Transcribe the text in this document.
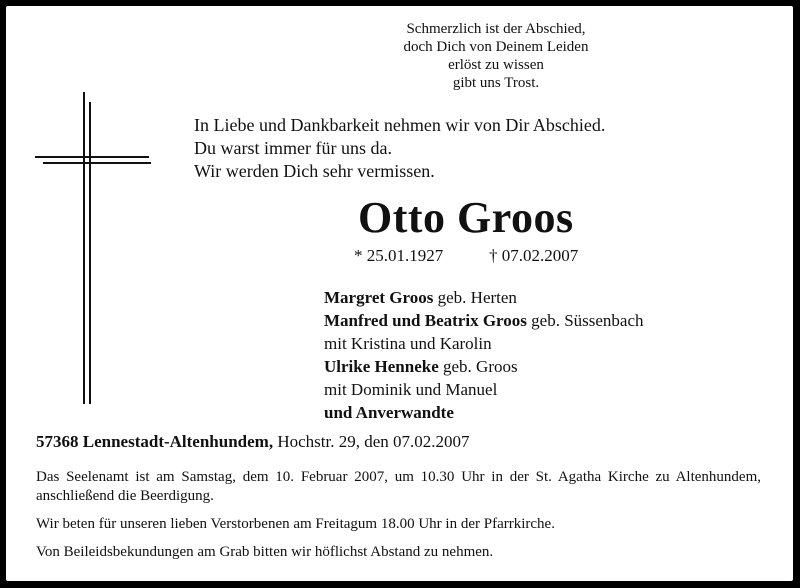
Schmerzlich ist der Abschied,
doch Dich von Deinem Leiden
erlöst zu wissen
gibt uns Trost.
In Liebe und Dankbarkeit nehmen wir von Dir Abschied.
Du warst immer für uns da.
Wir werden Dich sehr vermissen.
Otto Groos
* 25.01.1927	† 07.02.2007
Margret Groos geb. Herten
Manfred und Beatrix Groos geb. Süssenbach
mit Kristina und Karolin
Ulrike Henneke geb. Groos
mit Dominik und Manuel
und Anverwandte
57368 Lennestadt-Altenhundem, Hochstr. 29, den 07.02.2007

Das Seelenamt ist am Samstag, dem 10. Februar 2007, um 10.30 Uhr in der St. Agatha Kirche zu Altenhundem, anschließend die Beerdigung.

Wir beten für unseren lieben Verstorbenen am Freitagum 18.00 Uhr in der Pfarrkirche.

Von Beileidsbekundungen am Grab bitten wir höflichst Abstand zu nehmen.
